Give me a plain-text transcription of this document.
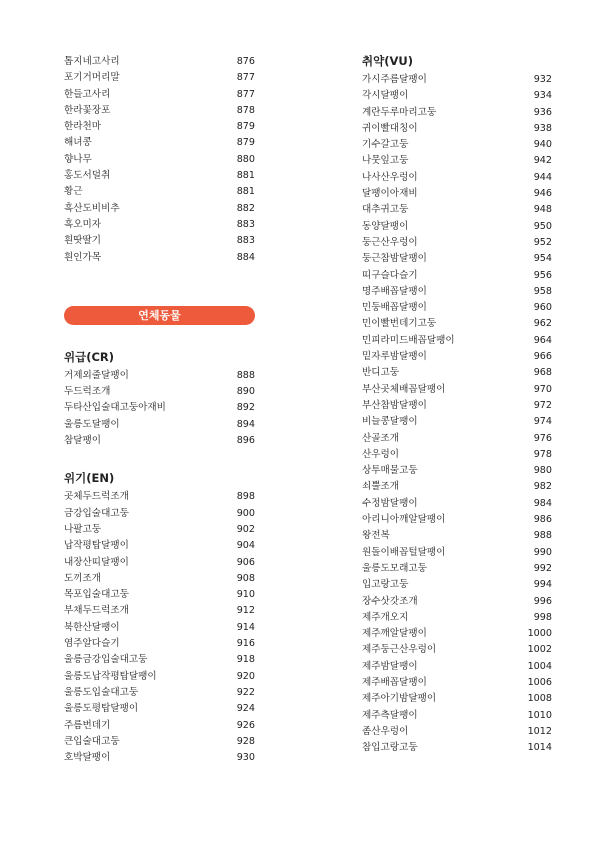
톱지네고사리	876
포기거머리말	877
한들고사리	877
한라꽃장포	878
한라천마	879
해녀콩	879
향나무	880
홍도서덜취	881
황근	881
흑산도비비추	882
흑오미자	883
흰땃딸기	883
흰인가목	884
연체동물
위급(CR)
거제외줄달팽이	888
두드럭조개	890
두타산입술대고둥아재비	892
울릉도달팽이	894
참달팽이	896
위기(EN)
곳체두드럭조개	898
금강입술대고둥	900
나팔고둥	902
납작평탑달팽이	904
내장산띠달팽이	906
도끼조개	908
목포입술대고둥	910
부채두드럭조개	912
북한산달팽이	914
염주알다슬기	916
울릉금강입술대고둥	918
울릉도납작평탑달팽이	920
울릉도입술대고둥	922
울릉도평탑달팽이	924
주름번데기	926
큰입술대고둥	928
호박달팽이	930
취약(VU)
가시주름달팽이	932
각시달팽이	934
계란두루마리고둥	936
귀이빨대칭이	938
기수갈고둥	940
나뭇잎고둥	942
나사산우렁이	944
달팽이아재비	946
대추귀고둥	948
동양달팽이	950
둥근산우렁이	952
둥근참밤달팽이	954
띠구슬다슬기	956
명주배꼽달팽이	958
민둥배꼽달팽이	960
민이빨번데기고둥	962
민피라미드배꼽달팽이	964
밑자루밤달팽이	966
반디고둥	968
부산곳체배꼽달팽이	970
부산참밤달팽이	972
비늘콩달팽이	974
산골조개	976
산우렁이	978
상투매물고둥	980
쇠뿔조개	982
수정밤달팽이	984
아리니아깨알달팽이	986
왕전복	988
원돌이배꼽털달팽이	990
울릉도모래고둥	992
입고랑고둥	994
장수삿갓조개	996
제주개오지	998
제주깨알달팽이	1000
제주둥근산우렁이	1002
제주밤달팽이	1004
제주배꼽달팽이	1006
제주아기밤달팽이	1008
제주측달팽이	1010
좀산우렁이	1012
참입고랑고둥	1014
